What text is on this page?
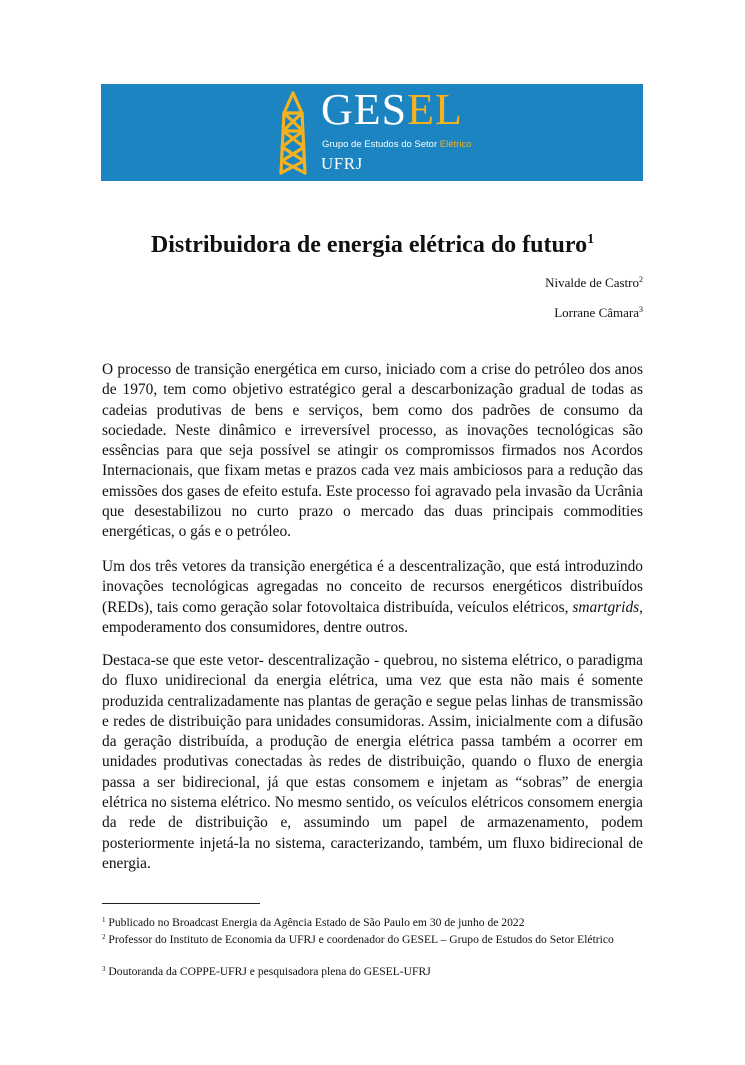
GESEL
Grupo de Estudos do Setor Elétrico
UFRJ
Distribuidora de energia elétrica do futuro$^1$
Nivalde de Castro$^2$
Lorrane Câmara$^3$

O processo de transição energética em curso, iniciado com a crise do petróleo dos anos de 1970, tem como objetivo estratégico geral a descarbonização gradual de todas as cadeias produtivas de bens e serviços, bem como dos padrões de consumo da sociedade. Neste dinâmico e irreversível processo, as inovações tecnológicas são essências para que seja possível se atingir os compromissos firmados nos Acordos Internacionais, que fixam metas e prazos cada vez mais ambiciosos para a redução das emissões dos gases de efeito estufa. Este processo foi agravado pela invasão da Ucrânia que desestabilizou no curto prazo o mercado das duas principais commodities energéticas, o gás e o petróleo.

Um dos três vetores da transição energética é a descentralização, que está introduzindo inovações tecnológicas agregadas no conceito de recursos energéticos distribuídos (REDs), tais como geração solar fotovoltaica distribuída, veículos elétricos, smartgrids, empoderamento dos consumidores, dentre outros.

Destaca-se que este vetor- descentralização - quebrou, no sistema elétrico, o paradigma do fluxo unidirecional da energia elétrica, uma vez que esta não mais é somente produzida centralizadamente nas plantas de geração e segue pelas linhas de transmissão e redes de distribuição para unidades consumidoras. Assim, inicialmente com a difusão da geração distribuída, a produção de energia elétrica passa também a ocorrer em unidades produtivas conectadas às redes de distribuição, quando o fluxo de energia passa a ser bidirecional, já que estas consomem e injetam as “sobras” de energia elétrica no sistema elétrico. No mesmo sentido, os veículos elétricos consomem energia da rede de distribuição e, assumindo um papel de armazenamento, podem posteriormente injetá-la no sistema, caracterizando, também, um fluxo bidirecional de energia.

$^1$ Publicado no Broadcast Energia da Agência Estado de São Paulo em 30 de junho de 2022

$^2$ Professor do Instituto de Economia da UFRJ e coordenador do GESEL – Grupo de Estudos do Setor Elétrico

$^3$ Doutoranda da COPPE-UFRJ e pesquisadora plena do GESEL-UFRJ
